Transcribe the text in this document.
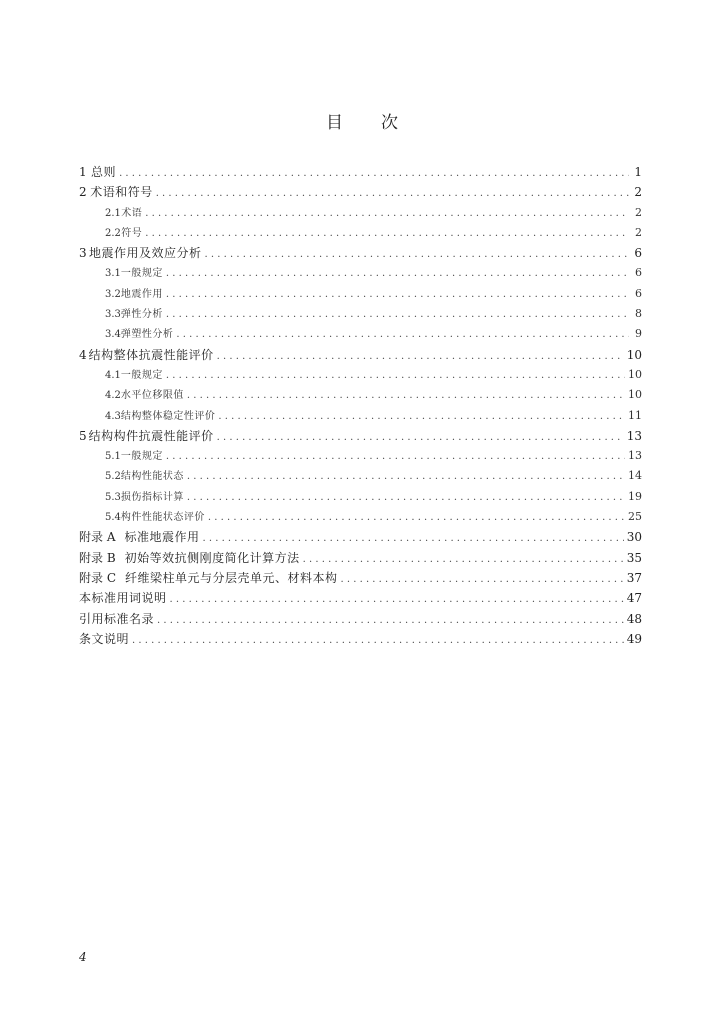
目 次
1 总则 . . .	1
2 术语和符号 . . .	2
2.1 术语 . . .	2
2.2 符号 . . .	2
3 地震作用及效应分析 . . .	6
3.1 一般规定 . . .	6
3.2 地震作用 . . .	6
3.3 弹性分析 . . .	8
3.4 弹塑性分析 . . .	9
4 结构整体抗震性能评价 . . .	10
4.1 一般规定 . . .	10
4.2 水平位移限值 . . .	10
4.3 结构整体稳定性评价 . . .	11
5 结构构件抗震性能评价 . . .	13
5.1 一般规定 . . .	13
5.2 结构性能状态 . . .	14
5.3 损伤指标计算 . . .	19
5.4 构件性能状态评价 . . .	25
附录 A 标准地震作用 . . .	30
附录 B 初始等效抗侧刚度简化计算方法 . . .	35
附录 C 纤维梁柱单元与分层壳单元、材料本构 . . .	37
本标准用词说明 . . .	47
引用标准名录 . . .	48
条文说明 . . .	49
4
